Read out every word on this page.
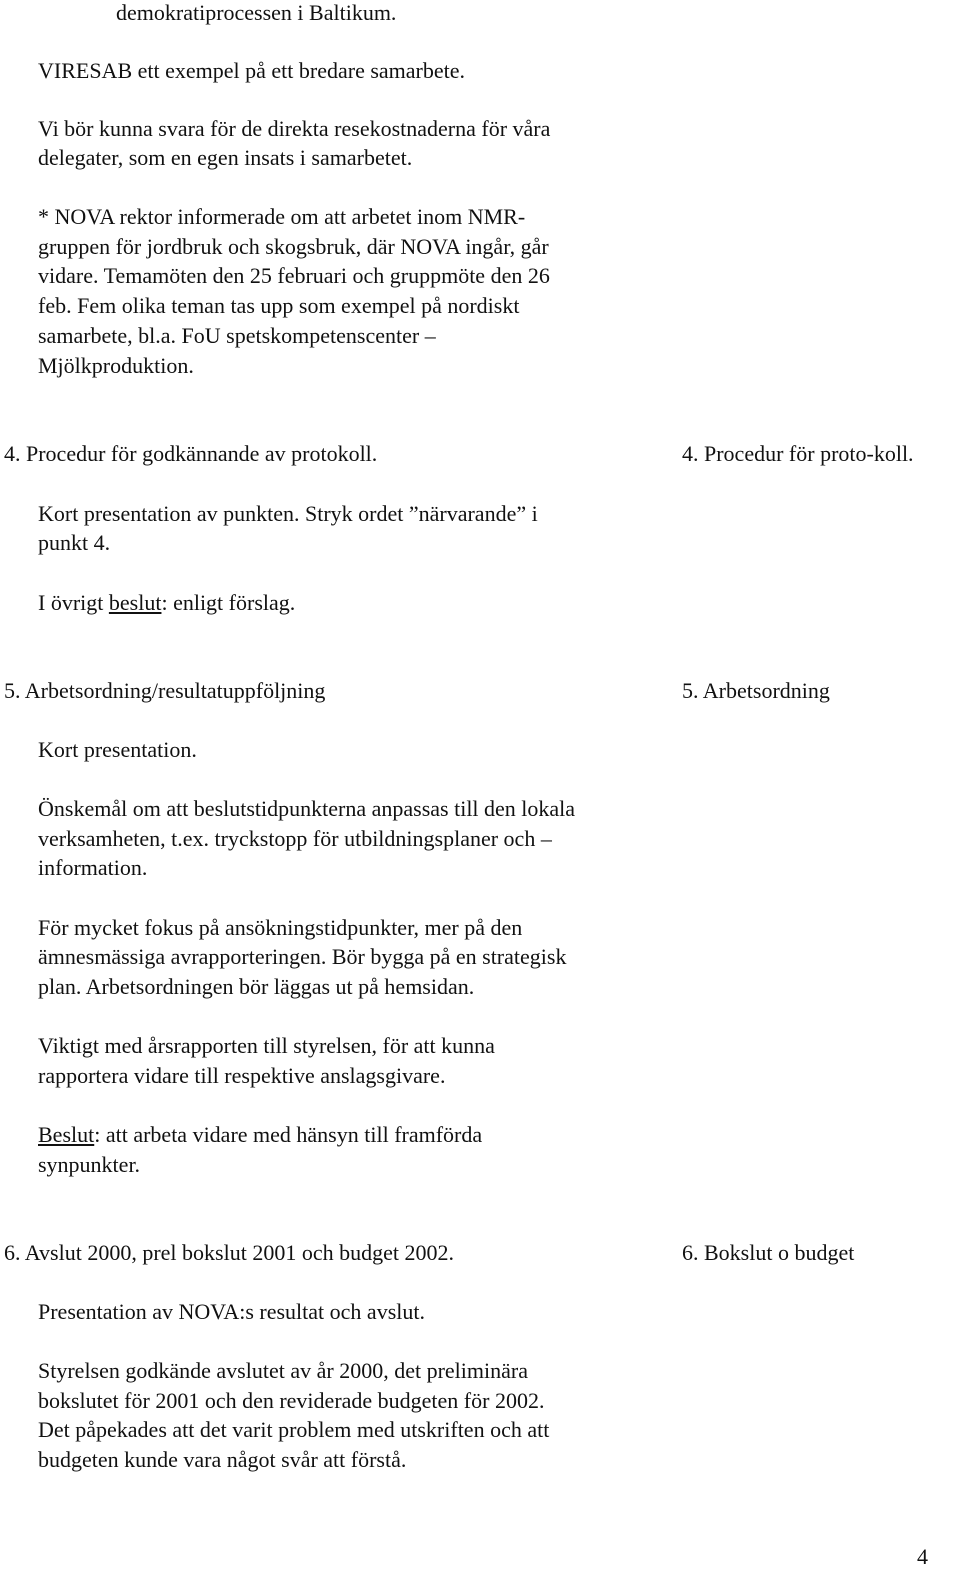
demokratiprocessen i Baltikum.
VIRESAB ett exempel på ett bredare samarbete.
Vi bör kunna svara för de direkta resekostnaderna för våra
delegater, som en egen insats i samarbetet.
* NOVA rektor informerade om att arbetet inom NMR-
gruppen för jordbruk och skogsbruk, där NOVA ingår, går
vidare. Temamöten den 25 februari och gruppmöte den 26
feb. Fem olika teman tas upp som exempel på nordiskt
samarbete, bl.a. FoU spetskompetenscenter –
Mjölkproduktion.
4. Procedur för godkännande av protokoll.	4. Procedur för proto-koll.
Kort presentation av punkten. Stryk ordet ”närvarande” i
punkt 4.
I övrigt beslut: enligt förslag.
5. Arbetsordning/resultatuppföljning	5. Arbetsordning
Kort presentation.
Önskemål om att beslutstidpunkterna anpassas till den lokala
verksamheten, t.ex. tryckstopp för utbildningsplaner och –
information.
För mycket fokus på ansökningstidpunkter, mer på den
ämnesmässiga avrapporteringen. Bör bygga på en strategisk
plan. Arbetsordningen bör läggas ut på hemsidan.
Viktigt med årsrapporten till styrelsen, för att kunna
rapportera vidare till respektive anslagsgivare.
Beslut: att arbeta vidare med hänsyn till framförda
synpunkter.
6. Avslut 2000, prel bokslut 2001 och budget 2002.	6. Bokslut o budget
Presentation av NOVA:s resultat och avslut.
Styrelsen godkände avslutet av år 2000, det preliminära
bokslutet för 2001 och den reviderade budgeten för 2002.
Det påpekades att det varit problem med utskriften och att
budgeten kunde vara något svår att förstå.
4
